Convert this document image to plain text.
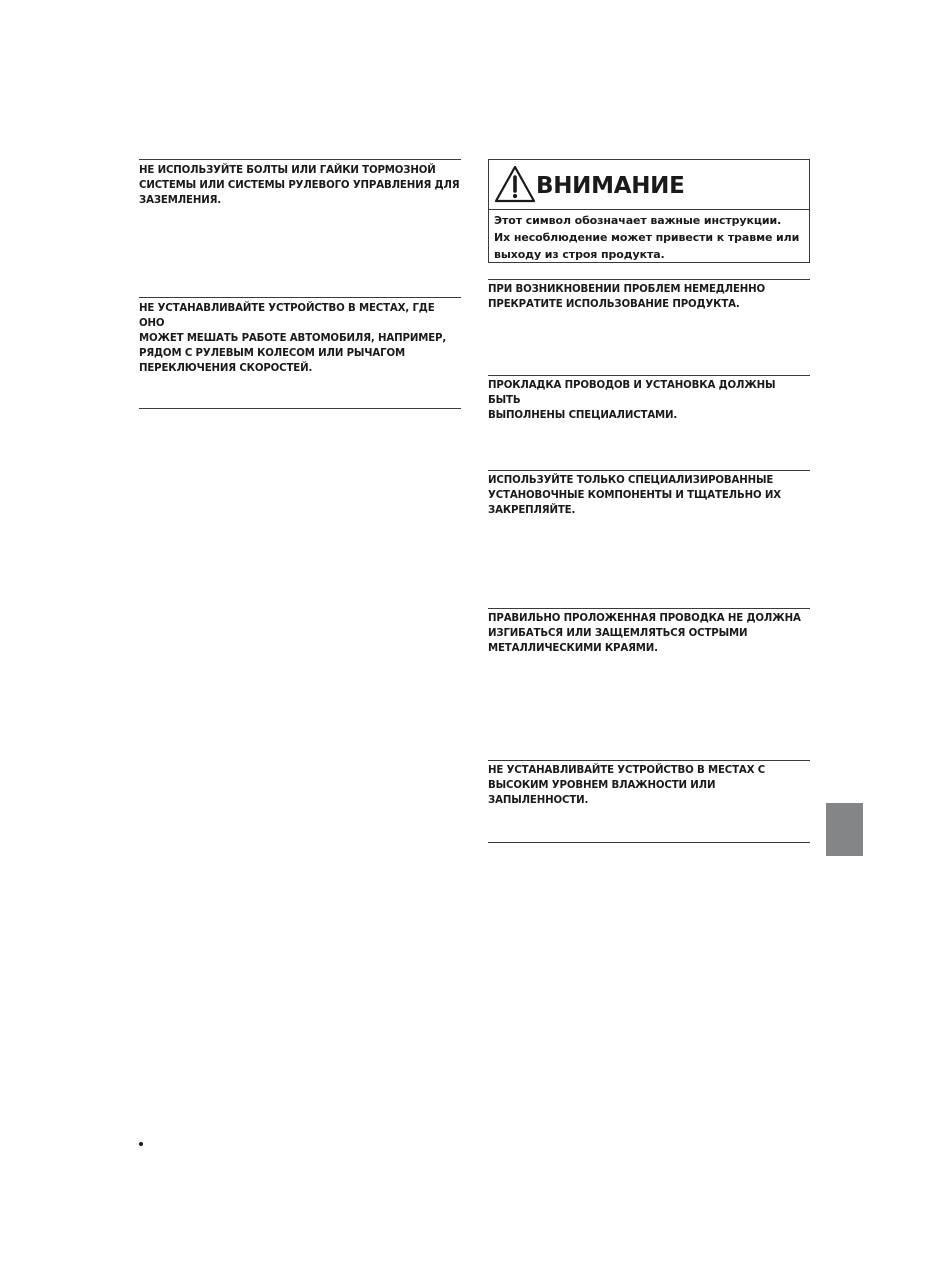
НЕ ИСПОЛЬЗУЙТЕ БОЛТЫ ИЛИ ГАЙКИ ТОРМОЗНОЙ
СИСТЕМЫ ИЛИ СИСТЕМЫ РУЛЕВОГО УПРАВЛЕНИЯ ДЛЯ
ЗАЗЕМЛЕНИЯ.

НЕ УСТАНАВЛИВАЙТЕ УСТРОЙСТВО В МЕСТАХ, ГДЕ ОНО
МОЖЕТ МЕШАТЬ РАБОТЕ АВТОМОБИЛЯ, НАПРИМЕР,
РЯДОМ С РУЛЕВЫМ КОЛЕСОМ ИЛИ РЫЧАГОМ
ПЕРЕКЛЮЧЕНИЯ СКОРОСТЕЙ.

ВНИМАНИЕ

Этот символ обозначает важные инструкции.
Их несоблюдение может привести к травме или
выходу из строя продукта.

ПРИ ВОЗНИКНОВЕНИИ ПРОБЛЕМ НЕМЕДЛЕННО
ПРЕКРАТИТЕ ИСПОЛЬЗОВАНИЕ ПРОДУКТА.

ПРОКЛАДКА ПРОВОДОВ И УСТАНОВКА ДОЛЖНЫ БЫТЬ
ВЫПОЛНЕНЫ СПЕЦИАЛИСТАМИ.

ИСПОЛЬЗУЙТЕ ТОЛЬКО СПЕЦИАЛИЗИРОВАННЫЕ
УСТАНОВОЧНЫЕ КОМПОНЕНТЫ И ТЩАТЕЛЬНО ИХ
ЗАКРЕПЛЯЙТЕ.

ПРАВИЛЬНО ПРОЛОЖЕННАЯ ПРОВОДКА НЕ ДОЛЖНА
ИЗГИБАТЬСЯ ИЛИ ЗАЩЕМЛЯТЬСЯ ОСТРЫМИ
МЕТАЛЛИЧЕСКИМИ КРАЯМИ.

НЕ УСТАНАВЛИВАЙТЕ УСТРОЙСТВО В МЕСТАХ С
ВЫСОКИМ УРОВНЕМ ВЛАЖНОСТИ ИЛИ ЗАПЫЛЕННОСТИ.
